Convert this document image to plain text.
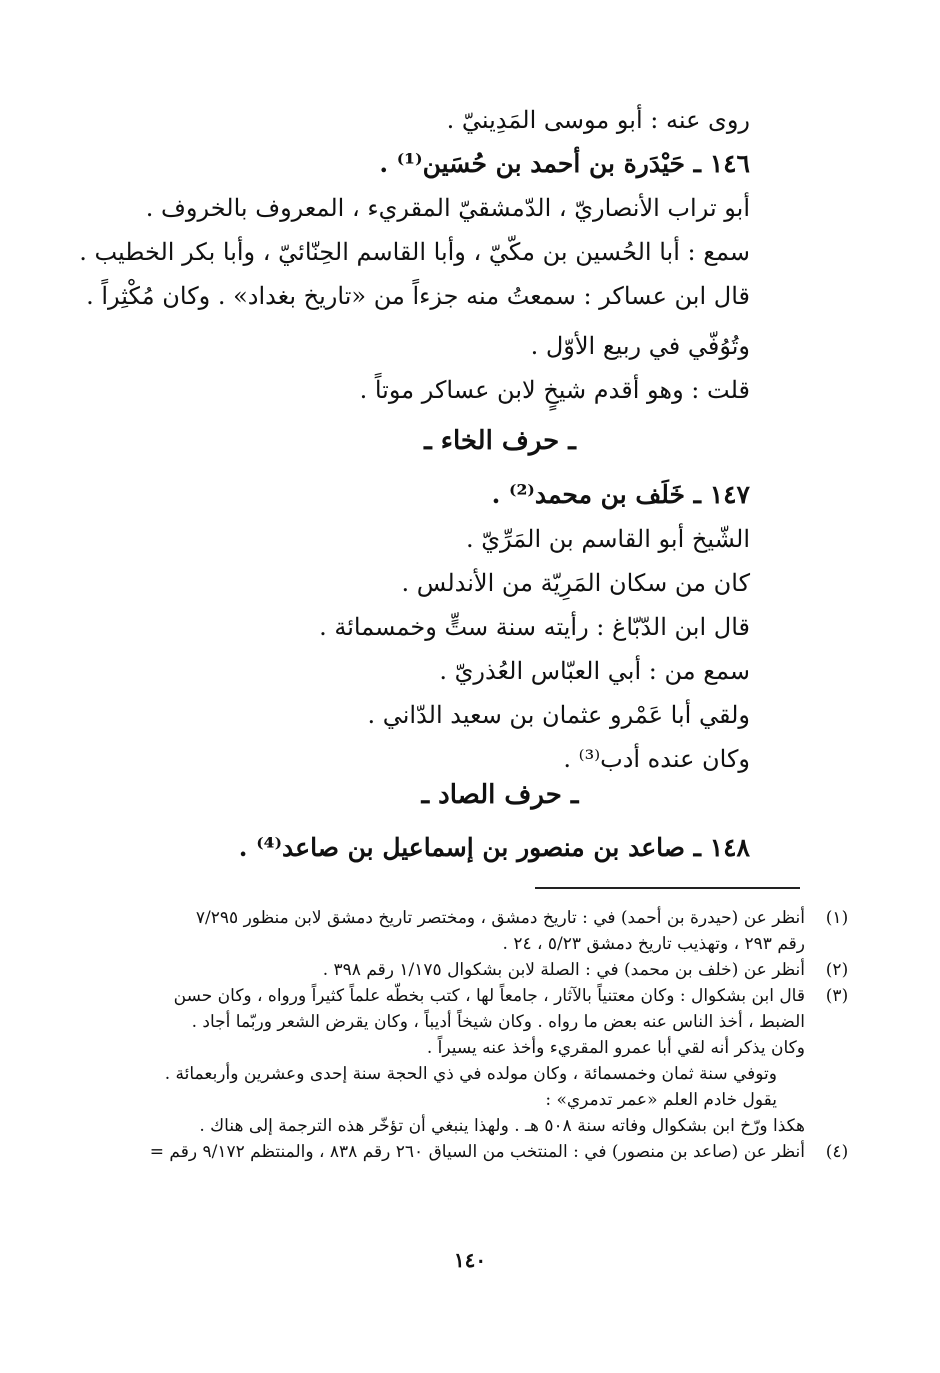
روى عنه : أبو موسى المَدِينيّ .

١٤٦ ـ حَيْدَرة بن أحمد بن حُسَين⁽¹⁾ .

أبو تراب الأنصاريّ ، الدّمشقيّ المقريء ، المعروف بالخروف .

سمع : أبا الحُسين بن مكّيّ ، وأبا القاسم الحِنّائيّ ، وأبا بكر الخطيب .

قال ابن عساكر : سمعتُ منه جزءاً من «تاريخ بغداد» . وكان مُكْثِراً .

وتُوُفّي في ربيع الأوّل .

قلت : وهو أقدم شيخٍ لابن عساكر موتاً .

ـ حرف الخاء ـ

١٤٧ ـ خَلَف بن محمد⁽²⁾ .

الشّيخ أبو القاسم بن المَرِّيّ .

كان من سكان المَرِيّة من الأندلس .

قال ابن الدّبّاغ : رأيته سنة ستٍّ وخمسمائة .

سمع من : أبي العبّاس العُذريّ .

ولقي أبا عَمْرو عثمان بن سعيد الدّاني .

وكان عنده أدب⁽³⁾ .

ـ حرف الصاد ـ

١٤٨ ـ صاعد بن منصور بن إسماعيل بن صاعد⁽⁴⁾ .

(١)

أنظر عن (حيدرة بن أحمد) في : تاريخ دمشق ، ومختصر تاريخ دمشق لابن منظور ٧/٢٩٥
رقم ٢٩٣ ، وتهذيب تاريخ دمشق ٥/٢٣ ، ٢٤ .

(٢)

أنظر عن (خلف بن محمد) في : الصلة لابن بشكوال ١/١٧٥ رقم ٣٩٨ .

(٣)

قال ابن بشكوال : وكان معتنياً بالآثار ، جامعاً لها ، كتب بخطّه علماً كثيراً ورواه ، وكان حسن
الضبط ، أخذ الناس عنه بعض ما رواه . وكان شيخاً أديباً ، وكان يقرض الشعر وربّما أجاد .
وكان يذكر أنه لقي أبا عمرو المقريء وأخذ عنه يسيراً .
وتوفي سنة ثمان وخمسمائة ، وكان مولده في ذي الحجة سنة إحدى وعشرين وأربعمائة .
يقول خادم العلم «عمر تدمري» :
هكذا ورّخ ابن بشكوال وفاته سنة ٥٠٨ هـ . ولهذا ينبغي أن تؤخّر هذه الترجمة إلى هناك .

(٤)

أنظر عن (صاعد بن منصور) في : المنتخب من السياق ٢٦٠ رقم ٨٣٨ ، والمنتظم ٩/١٧٢ رقم =

١٤٠
